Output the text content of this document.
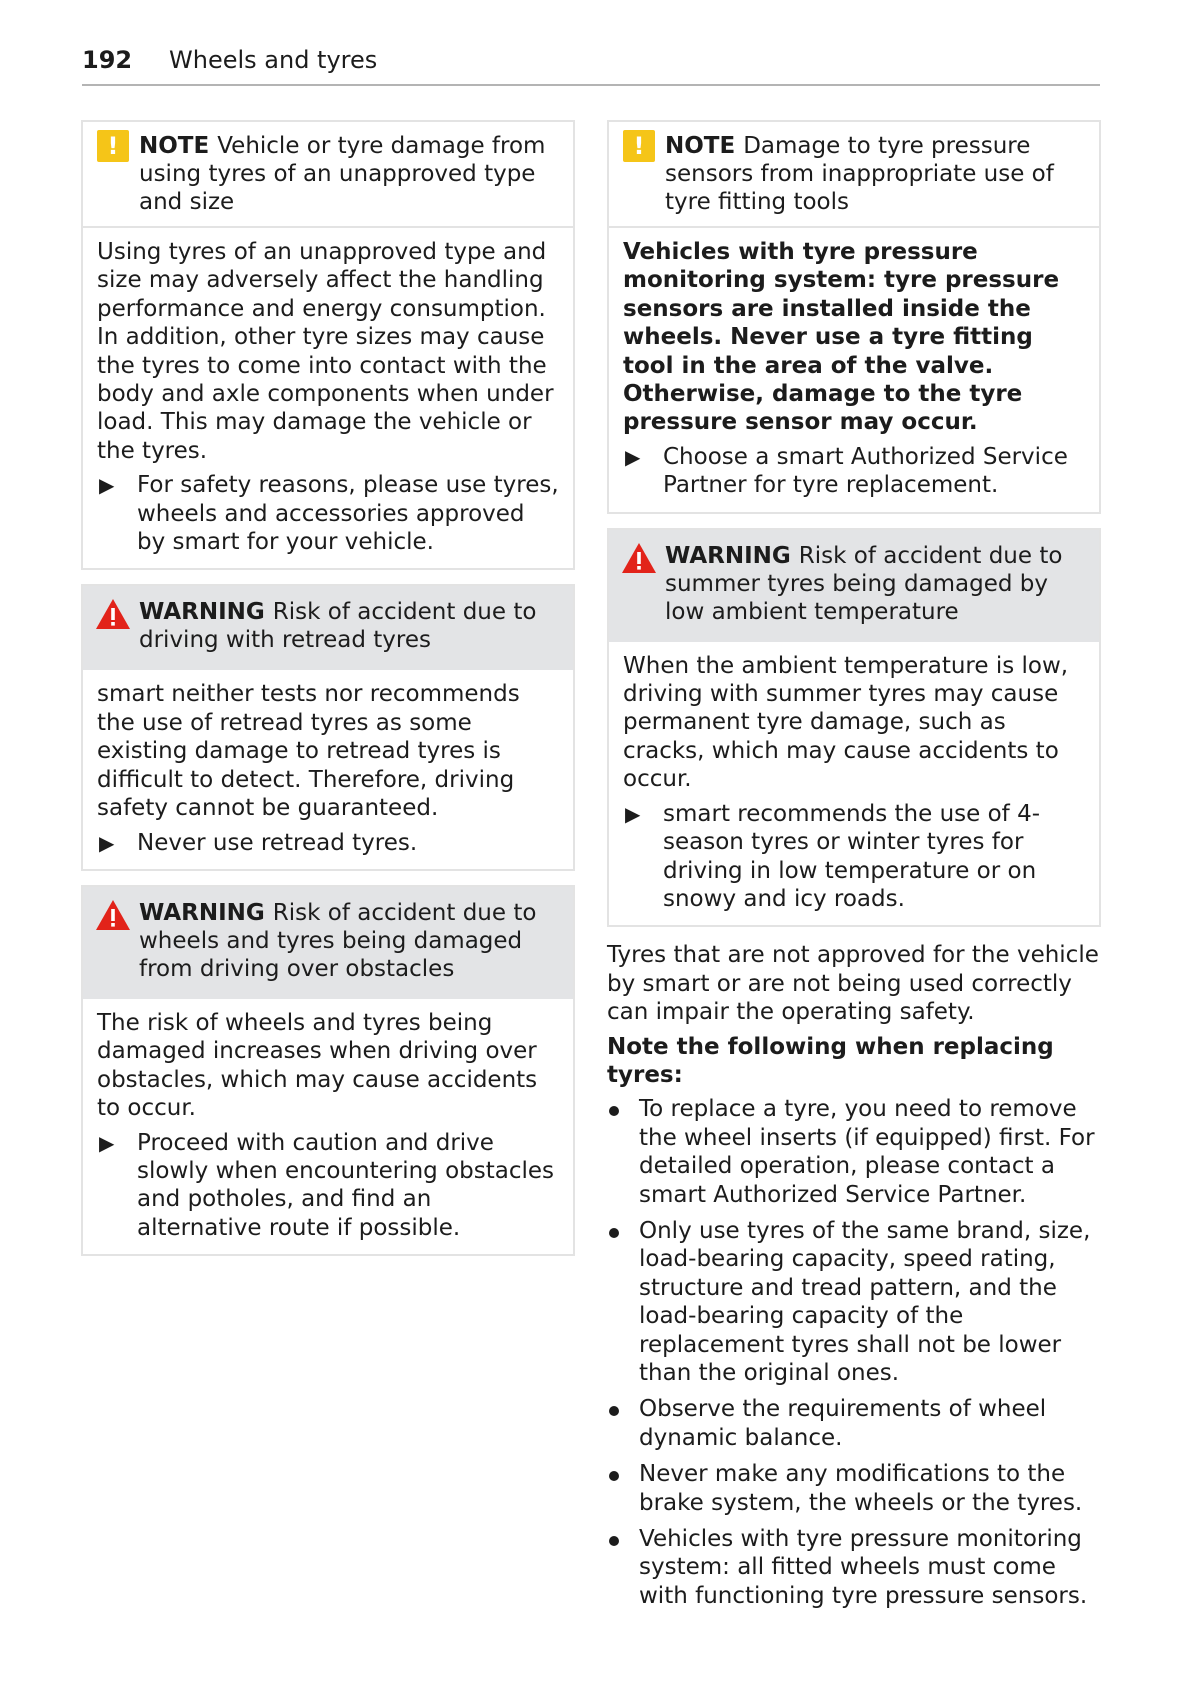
192 Wheels and tyres
! NOTE Vehicle or tyre damage from using tyres of an unapproved type and size

Using tyres of an unapproved type and size may adversely affect the handling performance and energy consumption. In addition, other tyre sizes may cause the tyres to come into contact with the body and axle components when under load. This may damage the vehicle or the tyres.

▶ For safety reasons, please use tyres, wheels and accessories approved by smart for your vehicle.
WARNING Risk of accident due to driving with retread tyres

smart neither tests nor recommends the use of retread tyres as some existing damage to retread tyres is difficult to detect. Therefore, driving safety cannot be guaranteed.

▶ Never use retread tyres.
WARNING Risk of accident due to wheels and tyres being damaged from driving over obstacles

The risk of wheels and tyres being damaged increases when driving over obstacles, which may cause accidents to occur.

▶ Proceed with caution and drive slowly when encountering obstacles and potholes, and find an alternative route if possible.
! NOTE Damage to tyre pressure sensors from inappropriate use of tyre fitting tools

Vehicles with tyre pressure monitoring system: tyre pressure sensors are installed inside the wheels. Never use a tyre fitting tool in the area of the valve. Otherwise, damage to the tyre pressure sensor may occur.

▶ Choose a smart Authorized Service Partner for tyre replacement.
WARNING Risk of accident due to summer tyres being damaged by low ambient temperature

When the ambient temperature is low, driving with summer tyres may cause permanent tyre damage, such as cracks, which may cause accidents to occur.

▶ smart recommends the use of 4-season tyres or winter tyres for driving in low temperature or on snowy and icy roads.

Tyres that are not approved for the vehicle by smart or are not being used correctly can impair the operating safety.

Note the following when replacing tyres:

To replace a tyre, you need to remove the wheel inserts (if equipped) first. For detailed operation, please contact a smart Authorized Service Partner.
Only use tyres of the same brand, size, load-bearing capacity, speed rating, structure and tread pattern, and the load-bearing capacity of the replacement tyres shall not be lower than the original ones.
Observe the requirements of wheel dynamic balance.
Never make any modifications to the brake system, the wheels or the tyres.
Vehicles with tyre pressure monitoring system: all fitted wheels must come with functioning tyre pressure sensors.
